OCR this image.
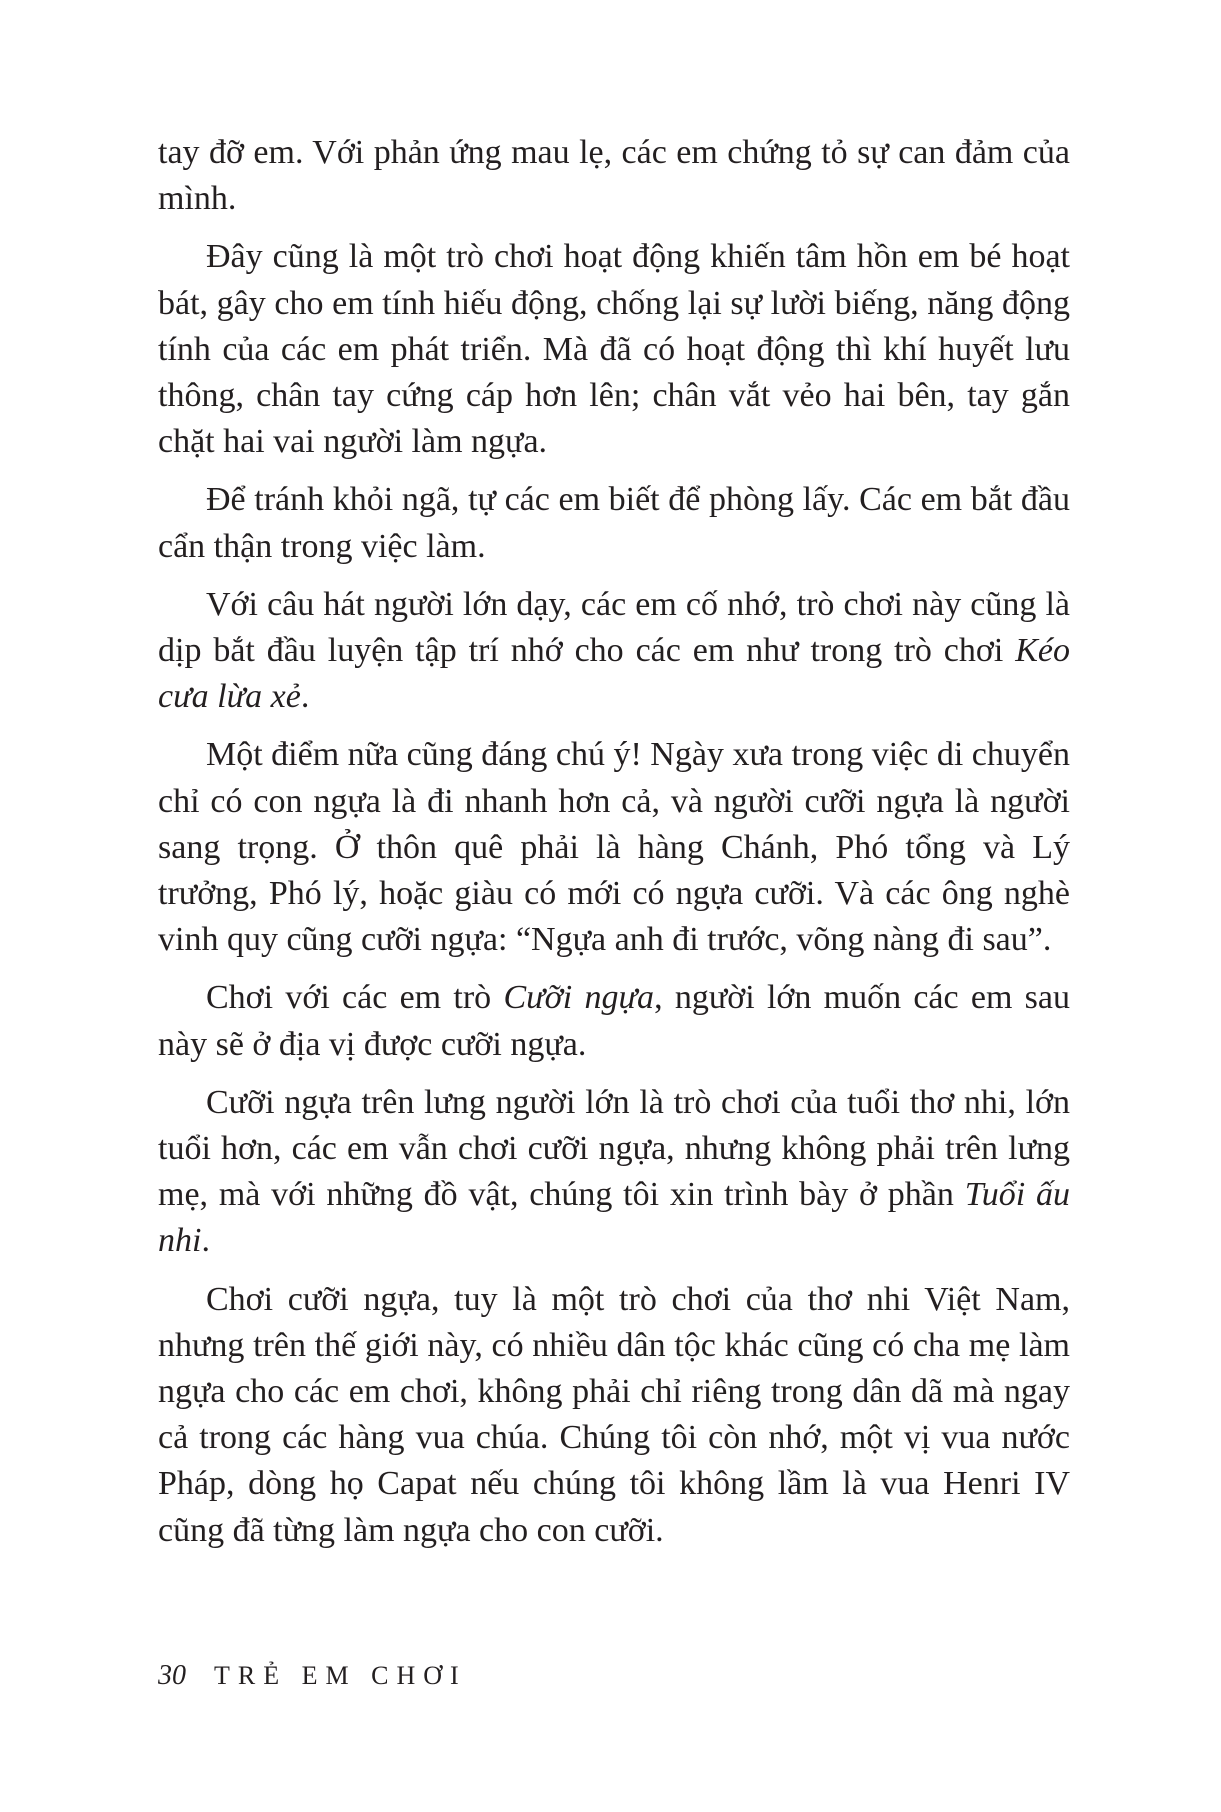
tay đỡ em. Với phản ứng mau lẹ, các em chứng tỏ sự can đảm của mình.

Đây cũng là một trò chơi hoạt động khiến tâm hồn em bé hoạt bát, gây cho em tính hiếu động, chống lại sự lười biếng, năng động tính của các em phát triển. Mà đã có hoạt động thì khí huyết lưu thông, chân tay cứng cáp hơn lên; chân vắt vẻo hai bên, tay gắn chặt hai vai người làm ngựa.

Để tránh khỏi ngã, tự các em biết để phòng lấy. Các em bắt đầu cẩn thận trong việc làm.

Với câu hát người lớn dạy, các em cố nhớ, trò chơi này cũng là dịp bắt đầu luyện tập trí nhớ cho các em như trong trò chơi Kéo cưa lừa xẻ.

Một điểm nữa cũng đáng chú ý! Ngày xưa trong việc di chuyển chỉ có con ngựa là đi nhanh hơn cả, và người cưỡi ngựa là người sang trọng. Ở thôn quê phải là hàng Chánh, Phó tổng và Lý trưởng, Phó lý, hoặc giàu có mới có ngựa cưỡi. Và các ông nghè vinh quy cũng cưỡi ngựa: “Ngựa anh đi trước, võng nàng đi sau”.

Chơi với các em trò Cưỡi ngựa, người lớn muốn các em sau này sẽ ở địa vị được cưỡi ngựa.

Cưỡi ngựa trên lưng người lớn là trò chơi của tuổi thơ nhi, lớn tuổi hơn, các em vẫn chơi cưỡi ngựa, nhưng không phải trên lưng mẹ, mà với những đồ vật, chúng tôi xin trình bày ở phần Tuổi ấu nhi.

Chơi cưỡi ngựa, tuy là một trò chơi của thơ nhi Việt Nam, nhưng trên thế giới này, có nhiều dân tộc khác cũng có cha mẹ làm ngựa cho các em chơi, không phải chỉ riêng trong dân dã mà ngay cả trong các hàng vua chúa. Chúng tôi còn nhớ, một vị vua nước Pháp, dòng họ Capat nếu chúng tôi không lầm là vua Henri IV cũng đã từng làm ngựa cho con cưỡi.

30 TRẺ EM CHƠI
